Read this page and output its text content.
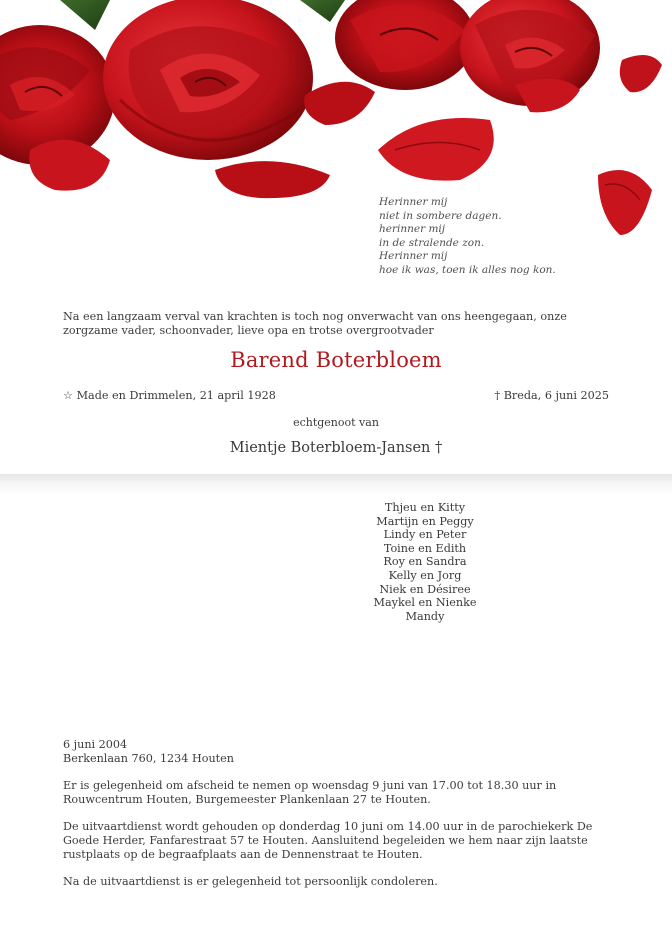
Herinner mij
niet in sombere dagen.
herinner mij
in de stralende zon.
Herinner mij
hoe ik was, toen ik alles nog kon.
Na een langzaam verval van krachten is toch nog onverwacht van ons heengegaan, onze zorgzame vader, schoonvader, lieve opa en trotse overgrootvader
Barend Boterbloem
☆ Made en Drimmelen, 21 april 1928	† Breda, 6 juni 2025
echtgenoot van
Mientje Boterbloem-Jansen †
Thjeu en Kitty
Martijn en Peggy
Lindy en Peter
Toine en Edith
Roy en Sandra
Kelly en Jorg
Niek en Désiree
Maykel en Nienke
Mandy

6 juni 2004
Berkenlaan 760, 1234 Houten

Er is gelegenheid om afscheid te nemen op woensdag 9 juni van 17.00 tot 18.30 uur in Rouwcentrum Houten, Burgemeester Plankenlaan 27 te Houten.

De uitvaartdienst wordt gehouden op donderdag 10 juni om 14.00 uur in de parochiekerk De Goede Herder, Fanfarestraat 57 te Houten. Aansluitend begeleiden we hem naar zijn laatste rustplaats op de begraafplaats aan de Dennenstraat te Houten.

Na de uitvaartdienst is er gelegenheid tot persoonlijk condoleren.
